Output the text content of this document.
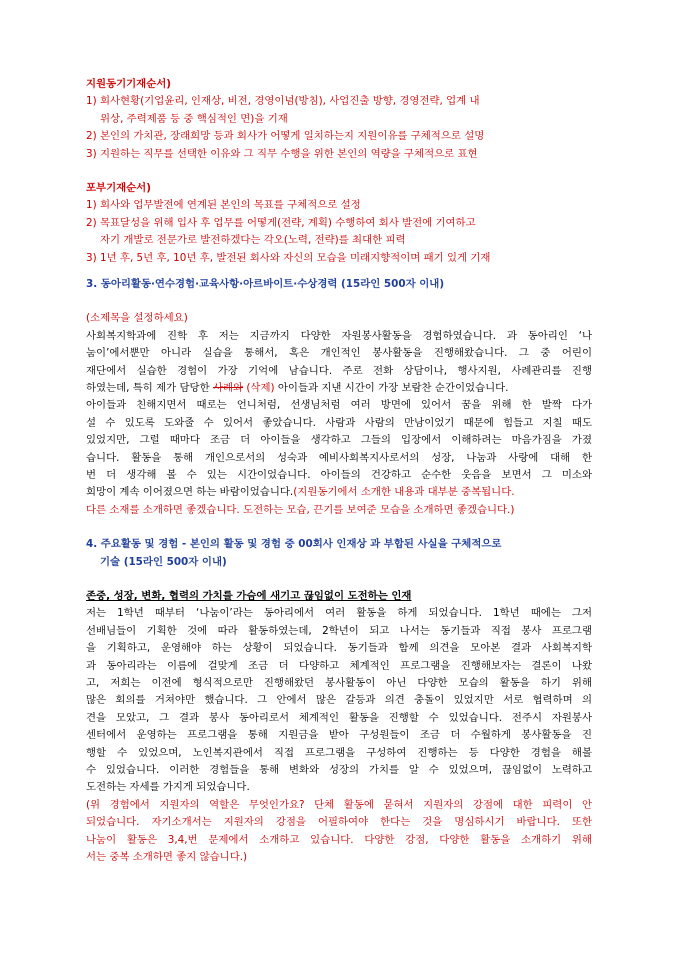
지원동기기재순서)
1) 회사현황(기업윤리, 인재상, 비전, 경영이념(방침), 사업진출 방향, 경영전략, 업계 내
위상, 주력제품 등 중 핵심적인 면)을 기재
2) 본인의 가치관, 장래희망 등과 회사가 어떻게 일치하는지 지원이유를 구체적으로 설명
3) 지원하는 직무를 선택한 이유와 그 직무 수행을 위한 본인의 역량을 구체적으로 표현
포부기재순서)
1) 회사와 업무발전에 연계된 본인의 목표를 구체적으로 설정
2) 목표달성을 위해 입사 후 업무를 어떻게(전략, 계획) 수행하여 회사 발전에 기여하고
자기 개발로 전문가로 발전하겠다는 각오(노력, 전략)를 최대한 피력
3) 1년 후, 5년 후, 10년 후, 발전된 회사와 자신의 모습을 미래지향적이며 패기 있게 기재
3. 동아리활동·연수경험·교육사항·아르바이트·수상경력 (15라인 500자 이내)
(소제목을 설정하세요)
사회복지학과에 진학 후 저는 지금까지 다양한 자원봉사활동을 경험하였습니다. 과 동아리인 ‘나
눔이’에서뿐만 아니라 실습을 통해서, 혹은 개인적인 봉사활동을 진행해왔습니다. 그 중 어린이
재단에서 실습한 경험이 가장 기억에 남습니다. 주로 전화 상담이나, 행사지원, 사례관리를 진행
하였는데, 특히 제가 담당한 사례와 (삭제) 아이들과 지낸 시간이 가장 보람찬 순간이었습니다.
아이들과 친해지면서 때로는 언니처럼, 선생님처럼 여러 방면에 있어서 꿈을 위해 한 발짝 다가
설 수 있도록 도와줄 수 있어서 좋았습니다. 사람과 사람의 만남이었기 때문에 힘들고 지칠 때도
있었지만, 그럴 때마다 조금 더 아이들을 생각하고 그들의 입장에서 이해하려는 마음가짐을 가졌
습니다. 활동을 통해 개인으로서의 성숙과 예비사회복지사로서의 성장, 나눔과 사랑에 대해 한
번 더 생각해 볼 수 있는 시간이었습니다. 아이들의 건강하고 순수한 웃음을 보면서 그 미소와
희망이 계속 이어졌으면 하는 바람이었습니다.(지원동기에서 소개한 내용과 대부분 중복됩니다.
다른 소재를 소개하면 좋겠습니다. 도전하는 모습, 끈기를 보여준 모습을 소개하면 좋겠습니다.)
4. 주요활동 및 경험 - 본인의 활동 및 경험 중 00회사 인재상 과 부합된 사실을 구체적으로
기술 (15라인 500자 이내)
존중, 성장, 변화, 협력의 가치를 가슴에 새기고 끊임없이 도전하는 인재
저는 1학년 때부터 ‘나눔이’라는 동아리에서 여러 활동을 하게 되었습니다. 1학년 때에는 그저
선배님들이 기획한 것에 따라 활동하였는데, 2학년이 되고 나서는 동기들과 직접 봉사 프로그램
을 기획하고, 운영해야 하는 상황이 되었습니다. 동기들과 함께 의견을 모아본 결과 사회복지학
과 동아리라는 이름에 걸맞게 조금 더 다양하고 체계적인 프로그램을 진행해보자는 결론이 나왔
고, 저희는 이전에 형식적으로만 진행해왔던 봉사활동이 아닌 다양한 모습의 활동을 하기 위해
많은 회의를 거쳐야만 했습니다. 그 안에서 많은 갈등과 의견 충돌이 있었지만 서로 협력하며 의
견을 모았고, 그 결과 봉사 동아리로서 체계적인 활동을 진행할 수 있었습니다. 전주시 자원봉사
센터에서 운영하는 프로그램을 통해 지원금을 받아 구성원들이 조금 더 수월하게 봉사활동을 진
행할 수 있었으며, 노인복지관에서 직접 프로그램을 구성하여 진행하는 등 다양한 경험을 해볼
수 있었습니다. 이러한 경험들을 통해 변화와 성장의 가치를 알 수 있었으며, 끊임없이 노력하고
도전하는 자세를 가지게 되었습니다.
(위 경험에서 지원자의 역할은 무엇인가요? 단체 활동에 묻혀서 지원자의 강점에 대한 피력이 안
되었습니다. 자기소개서는 지원자의 강점을 어필하여야 한다는 것을 명심하시기 바랍니다. 또한
나눔이 활동은 3,4,번 문제에서 소개하고 있습니다. 다양한 강점, 다양한 활동을 소개하기 위해
서는 중복 소개하면 좋지 않습니다.)
